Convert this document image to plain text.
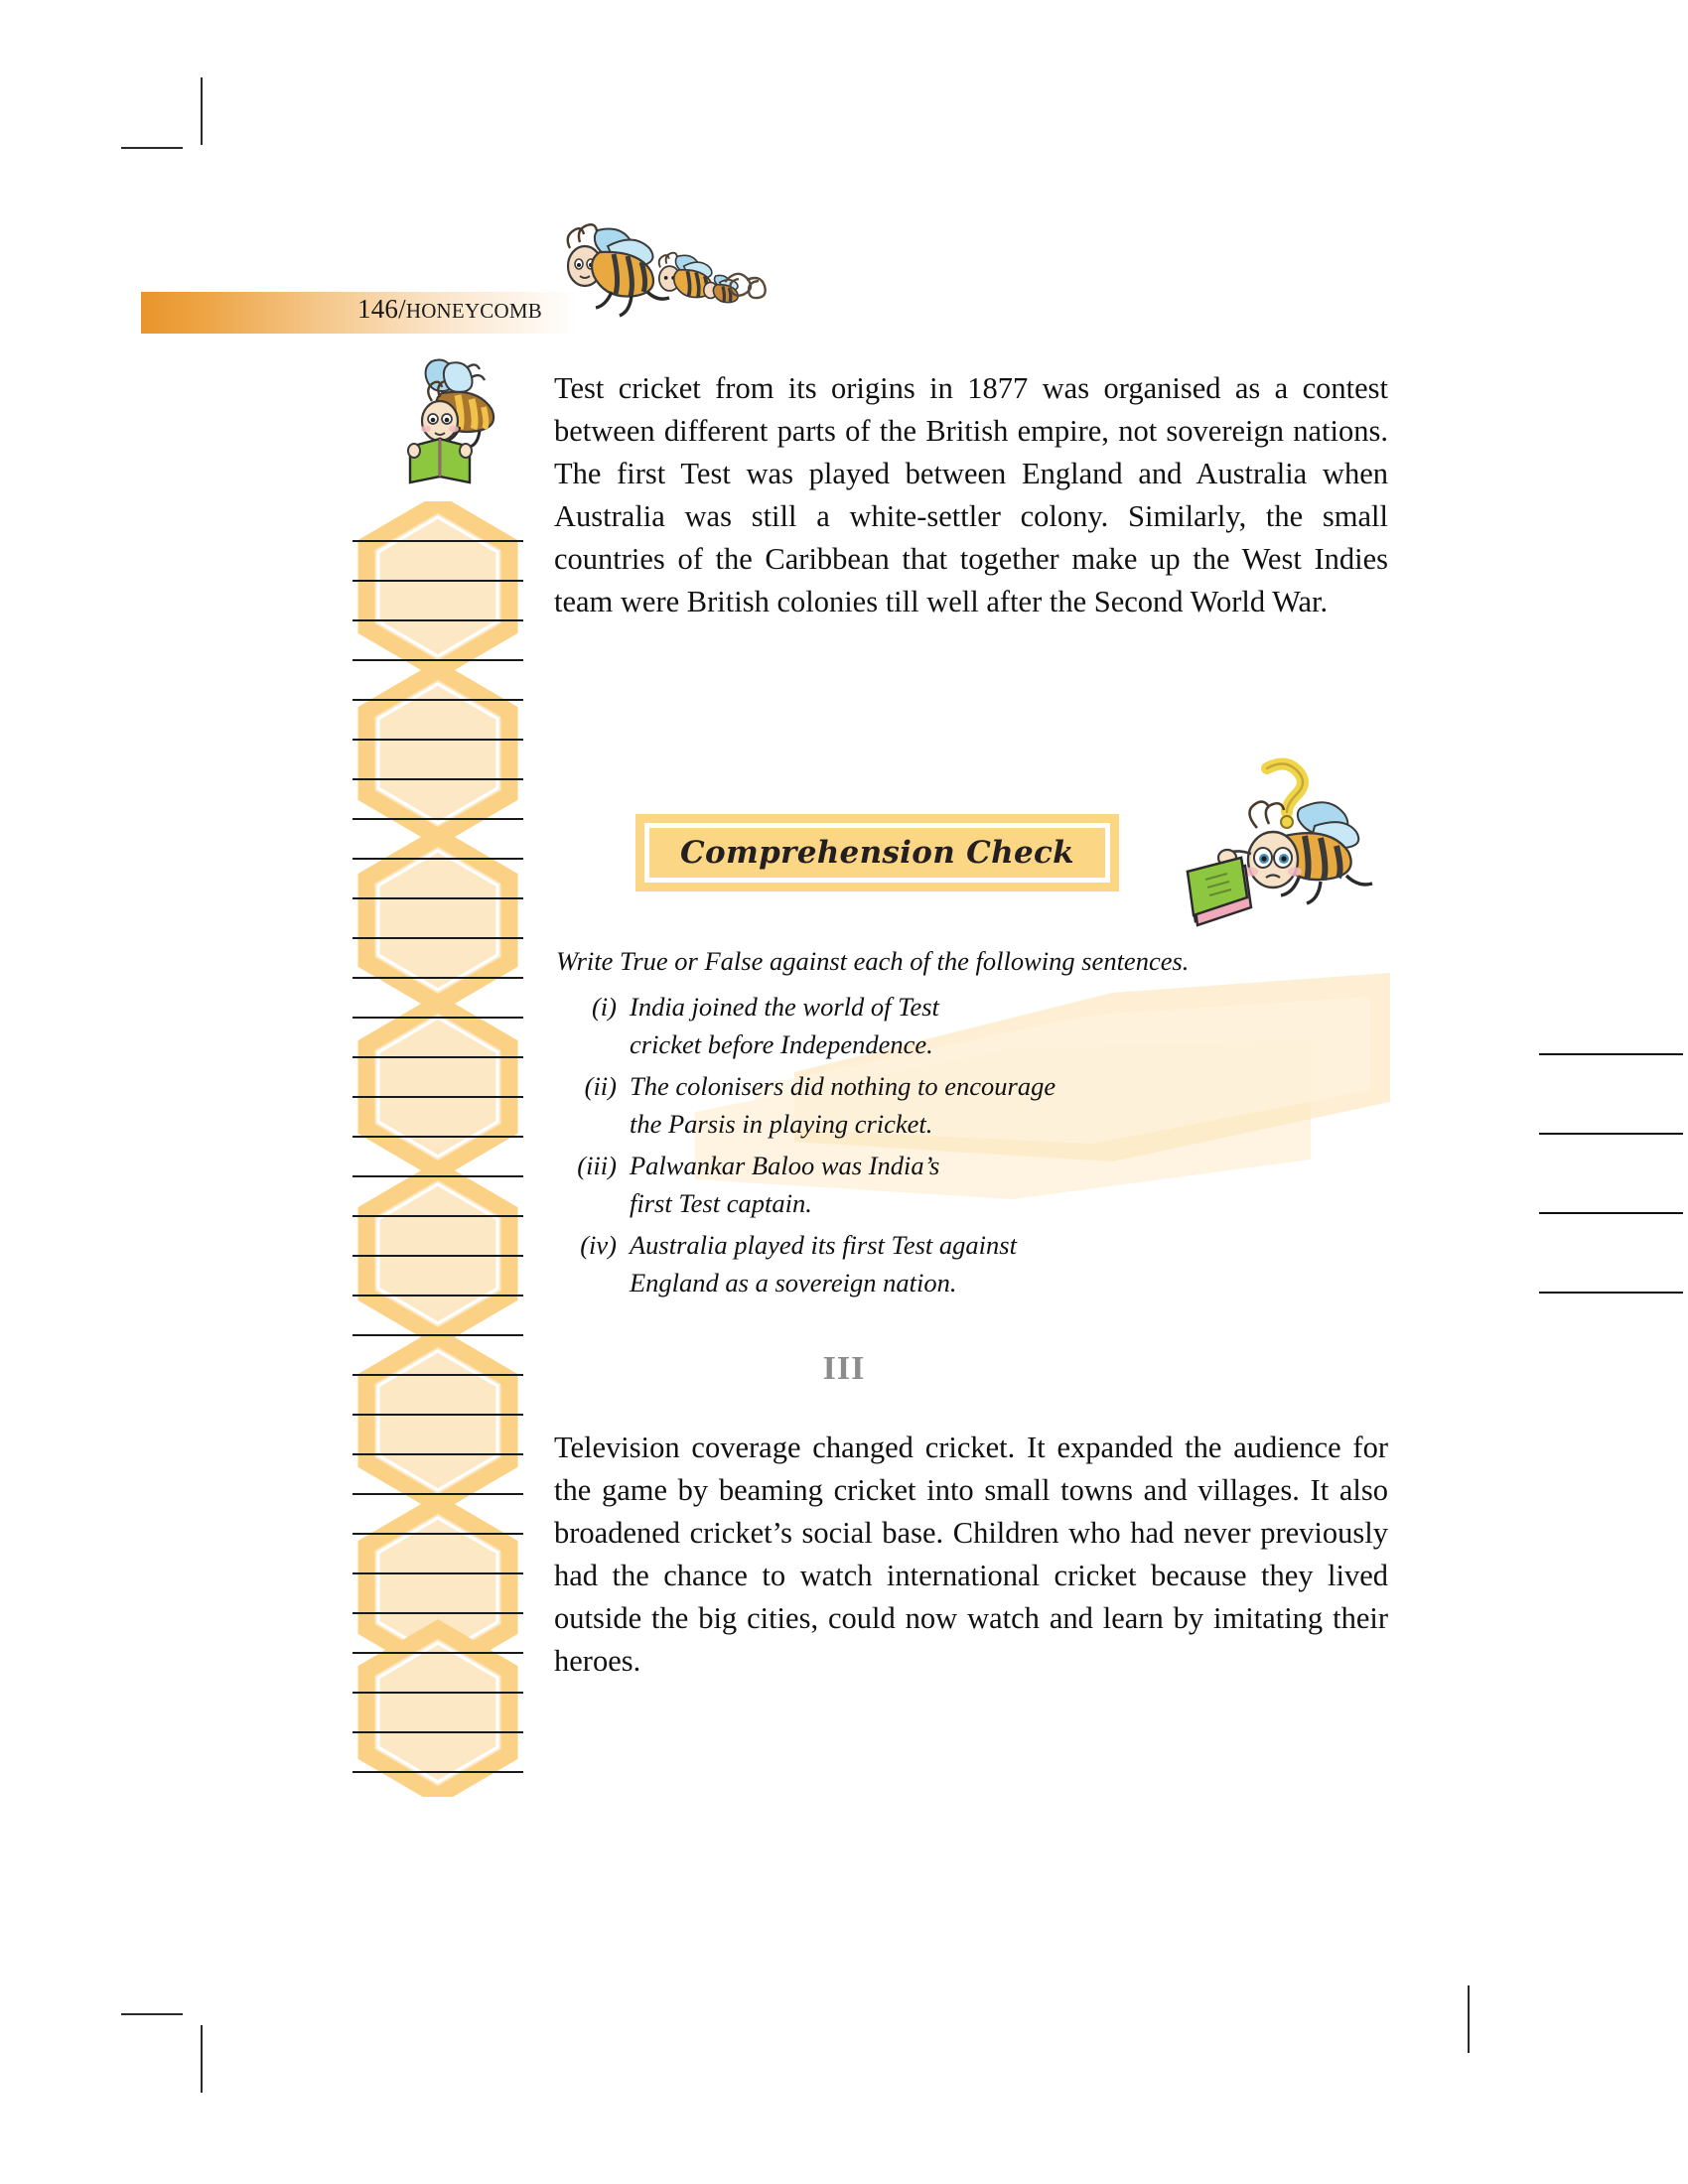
146/HONEYCOMB

Test cricket from its origins in 1877 was organised as a contest between different parts of the British empire, not sovereign nations. The first Test was played between England and Australia when Australia was still a white-settler colony. Similarly, the small countries of the Caribbean that together make up the West Indies team were British colonies till well after the Second World War.

Comprehension Check
Write True or False against each of the following sentences.
(i) India joined the world of Test
cricket before Independence.
(ii) The colonisers did nothing to encourage
the Parsis in playing cricket.
(iii) Palwankar Baloo was India’s
first Test captain.
(iv) Australia played its first Test against
England as a sovereign nation.
III

Television coverage changed cricket. It expanded the audience for the game by beaming cricket into small towns and villages. It also broadened cricket’s social base. Children who had never previously had the chance to watch international cricket because they lived outside the big cities, could now watch and learn by imitating their heroes.
